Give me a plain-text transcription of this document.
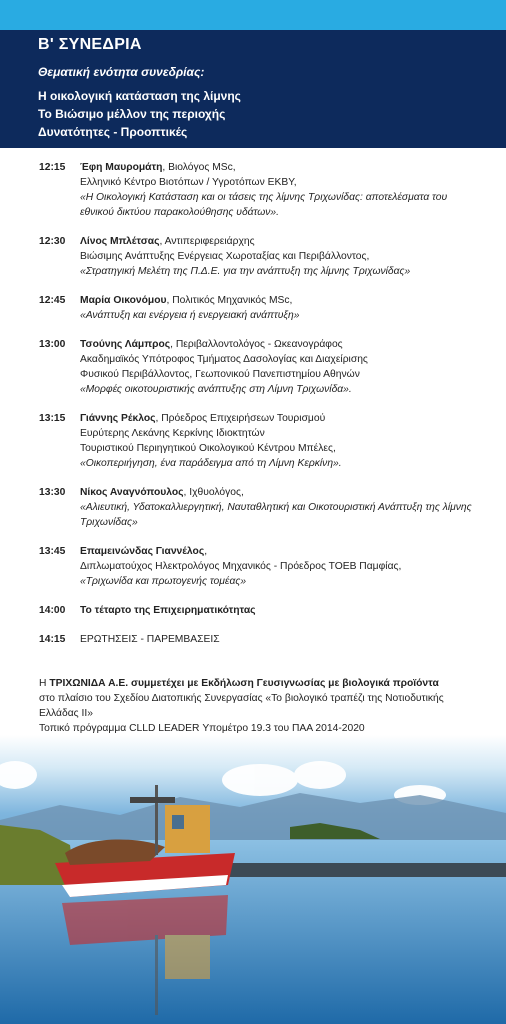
Β' ΣΥΝΕΔΡΙΑ
Θεματική ενότητα συνεδρίας:
Η οικολογική κατάσταση της λίμνης
Το Βιώσιμο μέλλον της περιοχής
Δυνατότητες - Προοπτικές
12:15	Έφη Μαυρομάτη, Βιολόγος MSc,
Ελληνικό Κέντρο Βιοτόπων / Υγροτόπων ΕΚΒΥ,
«Η Οικολογική Κατάσταση και οι τάσεις της λίμνης Τριχωνίδας: αποτελέσματα του εθνικού δικτύου παρακολούθησης υδάτων».
12:30	Λίνος Μπλέτσας, Αντιπεριφερειάρχης
Βιώσιμης Ανάπτυξης Ενέργειας Χωροταξίας και Περιβάλλοντος,
«Στρατηγική Μελέτη της Π.Δ.Ε. για την ανάπτυξη της λίμνης Τριχωνίδας»
12:45	Μαρία Οικονόμου, Πολιτικός Μηχανικός MSc,
«Ανάπτυξη και ενέργεια ή ενεργειακή ανάπτυξη»
13:00	Τσούνης Λάμπρος, Περιβαλλοντολόγος - Ωκεανογράφος
Ακαδημαϊκός Υπότροφος Τμήματος Δασολογίας και Διαχείρισης
Φυσικού Περιβάλλοντος, Γεωπονικού Πανεπιστημίου Αθηνών
«Μορφές οικοτουριστικής ανάπτυξης στη Λίμνη Τριχωνίδα».
13:15	Γιάννης Ρέκλος, Πρόεδρος Επιχειρήσεων Τουρισμού
Ευρύτερης Λεκάνης Κερκίνης Ιδιοκτητών
Τουριστικού Περιηγητικού Οικολογικού Κέντρου Μπέλες,
«Οικοπεριήγηση, ένα παράδειγμα από τη Λίμνη Κερκίνη».
13:30	Νίκος Αναγνόπουλος, Ιχθυολόγος,
«Αλιευτική, Υδατοκαλλιεργητική, Ναυταθλητική και Οικοτουριστική Ανάπτυξη της λίμνης Τριχωνίδας»
13:45	Επαμεινώνδας Γιαννέλος,
Διπλωματούχος Ηλεκτρολόγος Μηχανικός - Πρόεδρος ΤΟΕΒ Παμφίας,
«Τριχωνίδα και πρωτογενής τομέας»
14:00	Το τέταρτο της Επιχειρηματικότητας
14:15	ΕΡΩΤΗΣΕΙΣ - ΠΑΡΕΜΒΑΣΕΙΣ
Η ΤΡΙΧΩΝΙΔΑ Α.Ε. συμμετέχει με Εκδήλωση Γευσιγνωσίας με βιολογικά προϊόντα
στο πλαίσιο του Σχεδίου Διατοπικής Συνεργασίας «Το βιολογικό τραπέζι της Νοτιοδυτικής Ελλάδας ΙΙ»
Τοπικό πρόγραμμα CLLD LEADER Υπομέτρο 19.3 του ΠΑΑ 2014-2020
